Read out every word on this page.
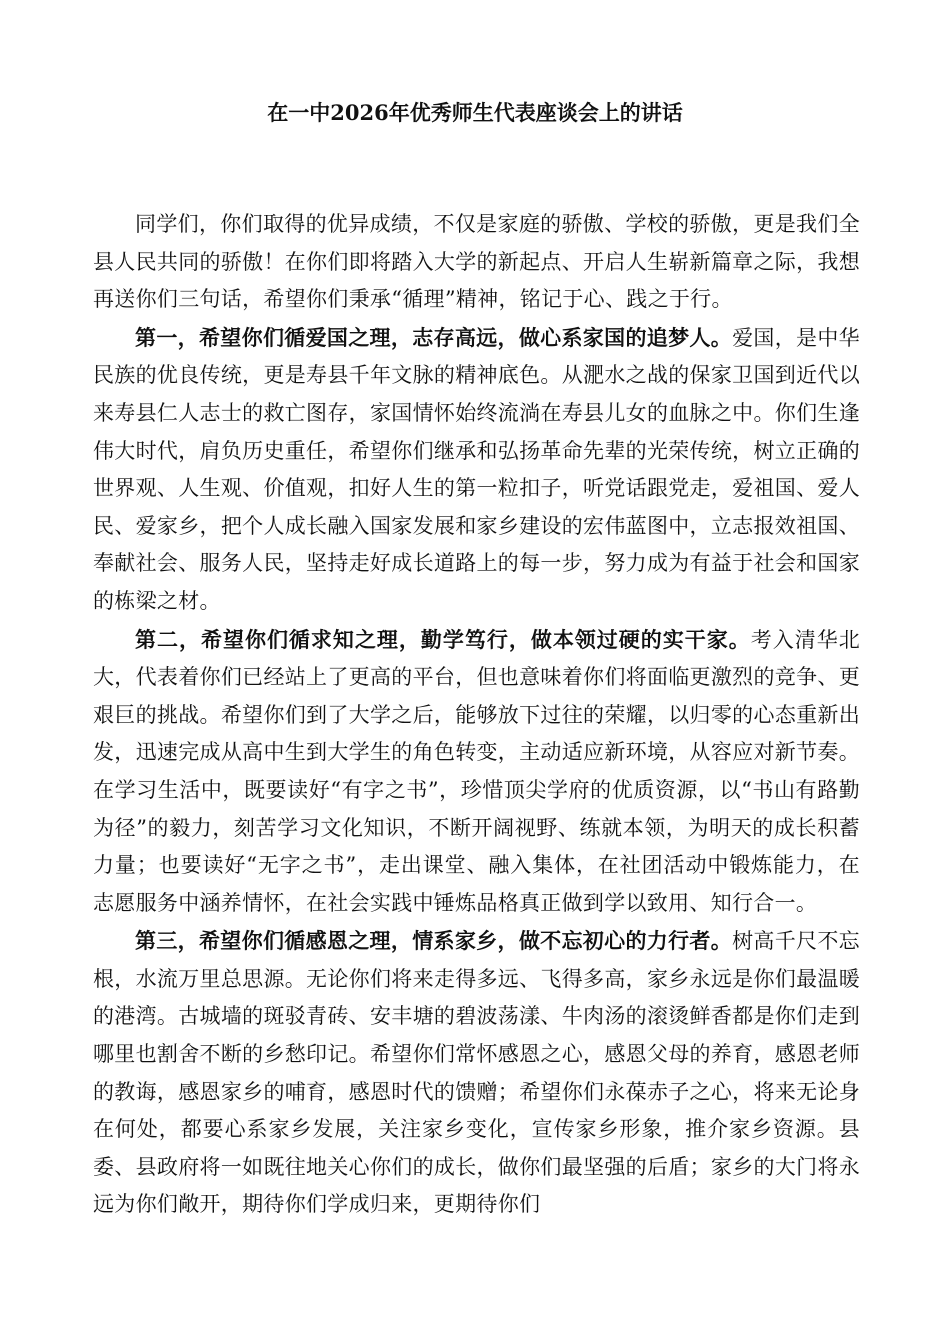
在一中2026年优秀师生代表座谈会上的讲话

同学们，你们取得的优异成绩，不仅是家庭的骄傲、学校的骄傲，更是我们全县人民共同的骄傲！在你们即将踏入大学的新起点、开启人生崭新篇章之际，我想再送你们三句话，希望你们秉承“循理”精神，铭记于心、践之于行。

第一，希望你们循爱国之理，志存高远，做心系家国的追梦人。爱国，是中华民族的优良传统，更是寿县千年文脉的精神底色。从淝水之战的保家卫国到近代以来寿县仁人志士的救亡图存，家国情怀始终流淌在寿县儿女的血脉之中。你们生逢伟大时代，肩负历史重任，希望你们继承和弘扬革命先辈的光荣传统，树立正确的世界观、人生观、价值观，扣好人生的第一粒扣子，听党话跟党走，爱祖国、爱人民、爱家乡，把个人成长融入国家发展和家乡建设的宏伟蓝图中，立志报效祖国、奉献社会、服务人民，坚持走好成长道路上的每一步，努力成为有益于社会和国家的栋梁之材。

第二，希望你们循求知之理，勤学笃行，做本领过硬的实干家。考入清华北大，代表着你们已经站上了更高的平台，但也意味着你们将面临更激烈的竞争、更艰巨的挑战。希望你们到了大学之后，能够放下过往的荣耀，以归零的心态重新出发，迅速完成从高中生到大学生的角色转变，主动适应新环境，从容应对新节奏。在学习生活中，既要读好“有字之书”，珍惜顶尖学府的优质资源，以“书山有路勤为径”的毅力，刻苦学习文化知识，不断开阔视野、练就本领，为明天的成长积蓄力量；也要读好“无字之书”，走出课堂、融入集体，在社团活动中锻炼能力，在志愿服务中涵养情怀，在社会实践中锤炼品格真正做到学以致用、知行合一。

第三，希望你们循感恩之理，情系家乡，做不忘初心的力行者。树高千尺不忘根，水流万里总思源。无论你们将来走得多远、飞得多高，家乡永远是你们最温暖的港湾。古城墙的斑驳青砖、安丰塘的碧波荡漾、牛肉汤的滚烫鲜香都是你们走到哪里也割舍不断的乡愁印记。希望你们常怀感恩之心，感恩父母的养育，感恩老师的教诲，感恩家乡的哺育，感恩时代的馈赠；希望你们永葆赤子之心，将来无论身在何处，都要心系家乡发展，关注家乡变化，宣传家乡形象，推介家乡资源。县委、县政府将一如既往地关心你们的成长，做你们最坚强的后盾；家乡的大门将永远为你们敞开，期待你们学成归来，更期待你们
